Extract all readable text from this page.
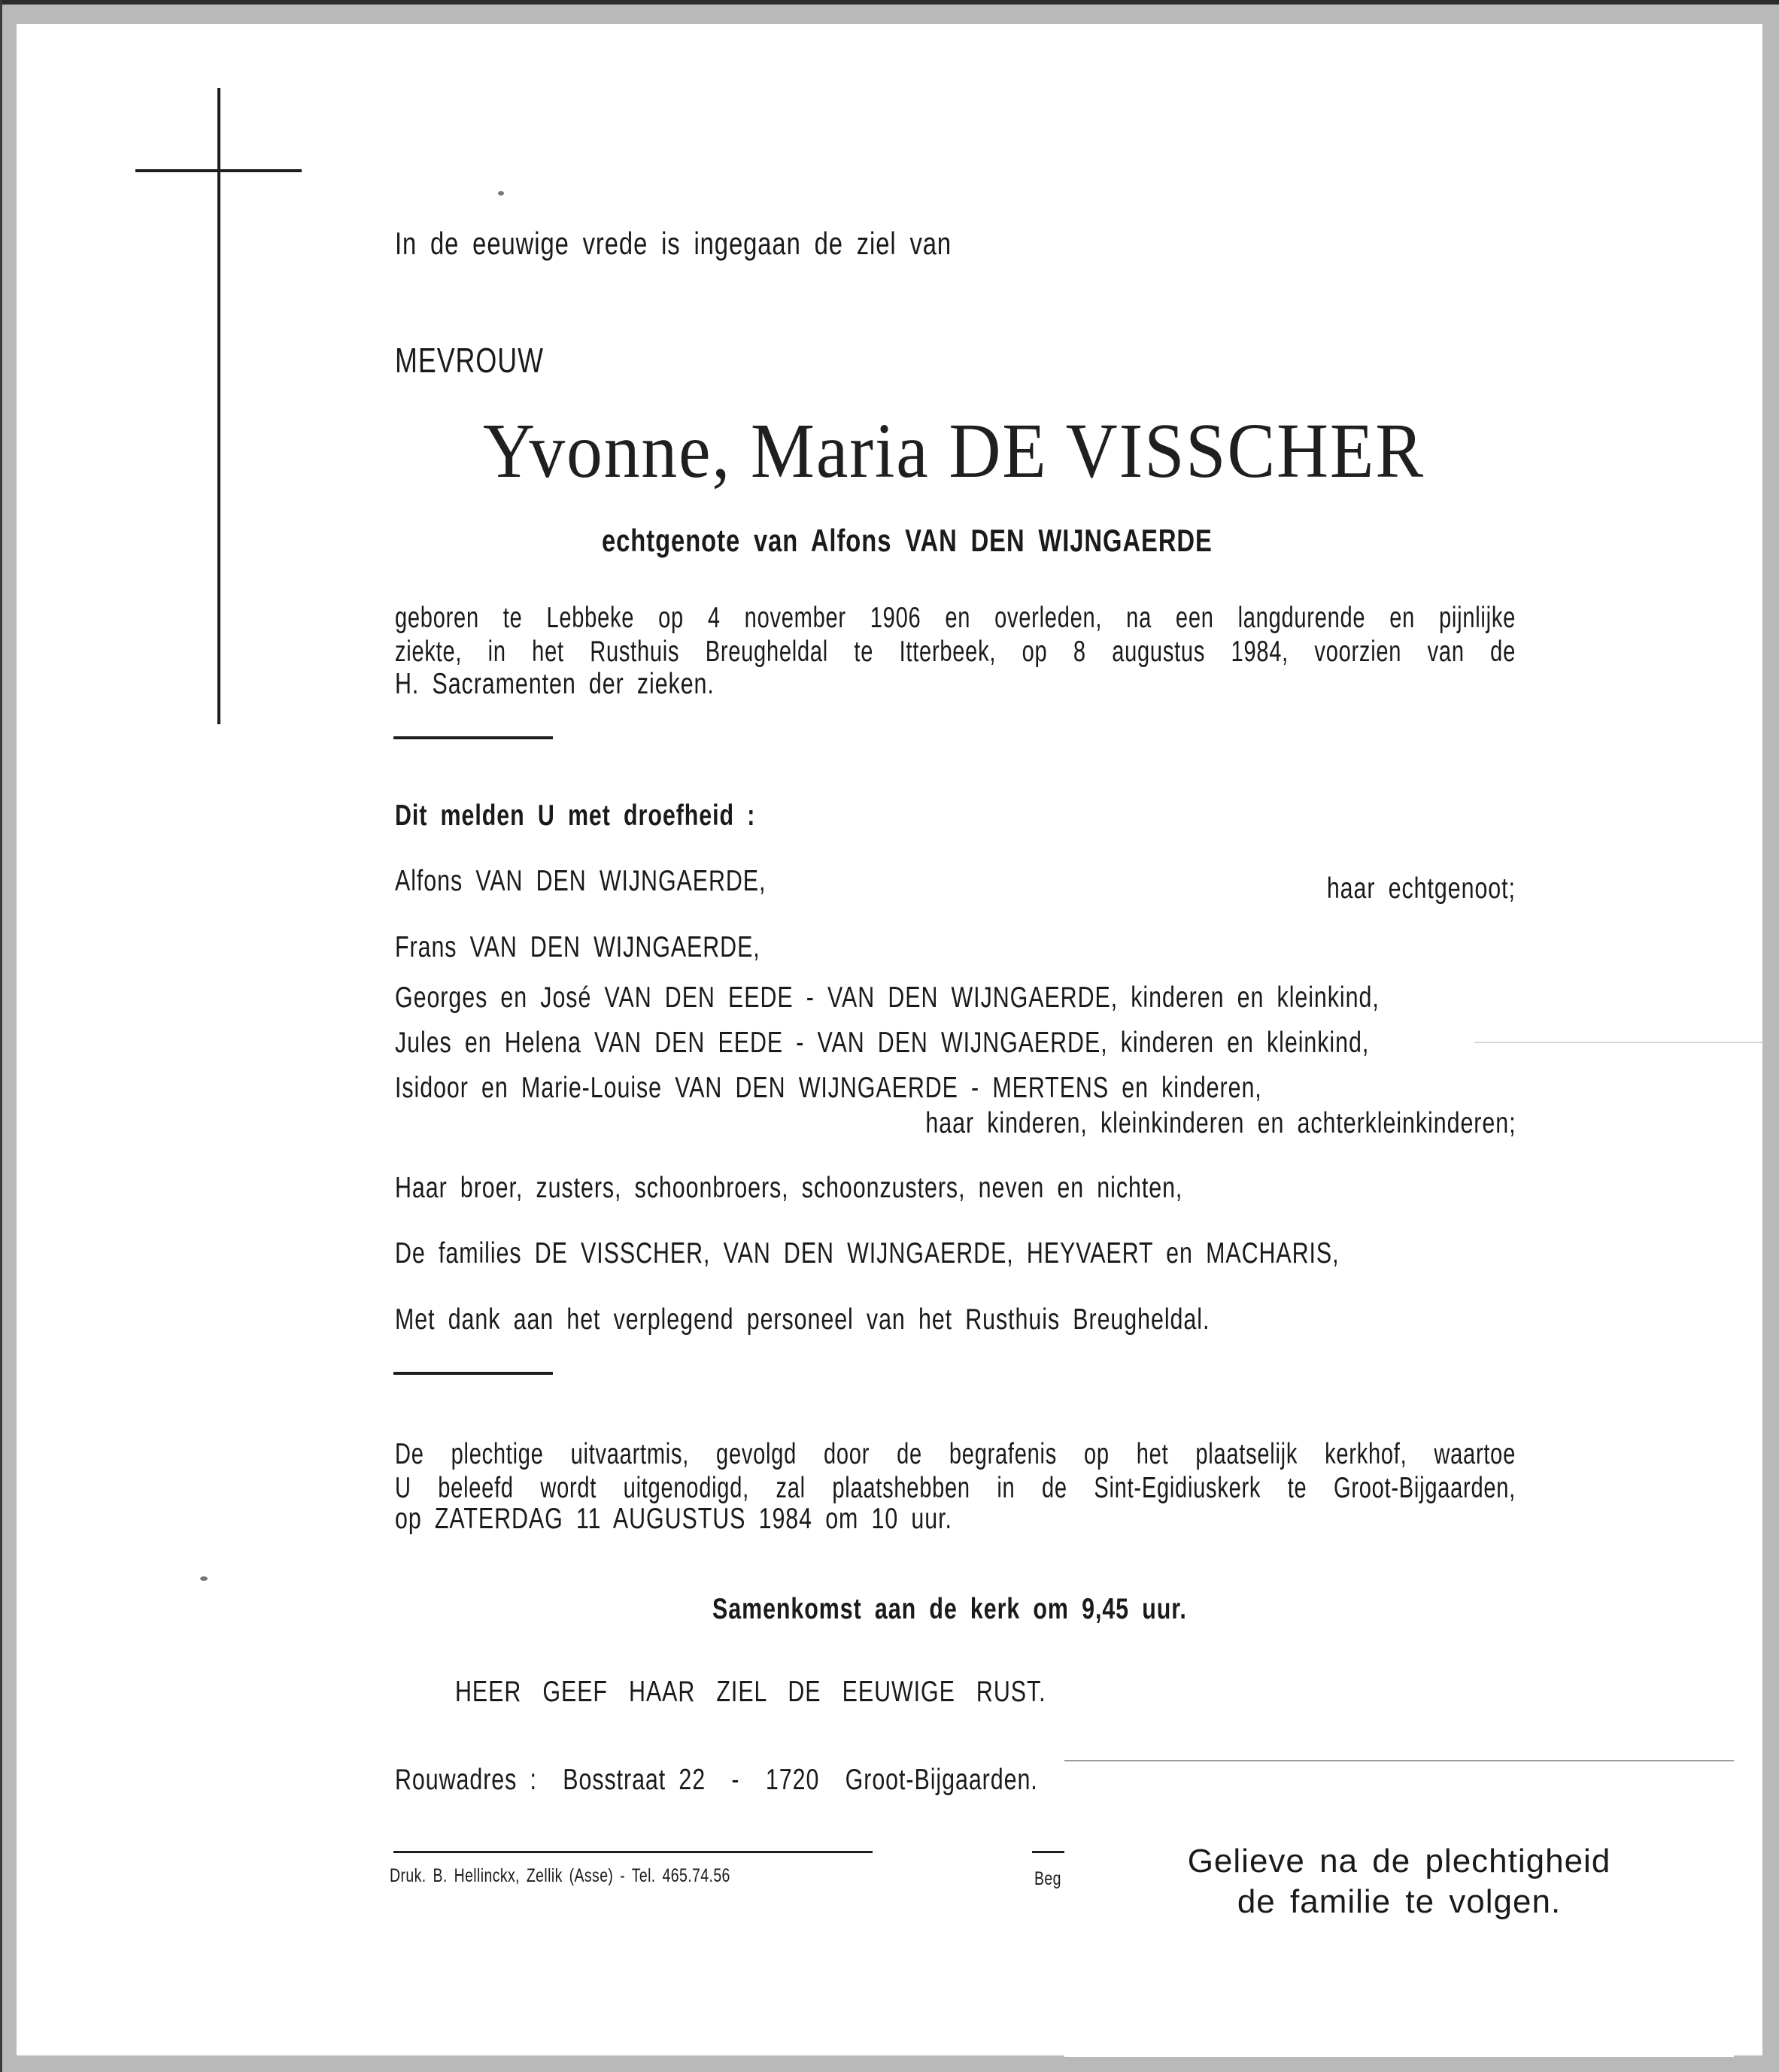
In de eeuwige vrede is ingegaan de ziel van
MEVROUW
Yvonne, Maria DE VISSCHER
echtgenote van Alfons VAN DEN WIJNGAERDE
geboren te Lebbeke op 4 november 1906 en overleden, na een langdurende en pijnlijke
ziekte, in het Rusthuis Breugheldal te Itterbeek, op 8 augustus 1984, voorzien van de
H. Sacramenten der zieken.
Dit melden U met droefheid :
Alfons VAN DEN WIJNGAERDE,	haar echtgenoot;
Frans VAN DEN WIJNGAERDE,
Georges en José VAN DEN EEDE - VAN DEN WIJNGAERDE, kinderen en kleinkind,
Jules en Helena VAN DEN EEDE - VAN DEN WIJNGAERDE, kinderen en kleinkind,
Isidoor en Marie-Louise VAN DEN WIJNGAERDE - MERTENS en kinderen,
haar kinderen, kleinkinderen en achterkleinkinderen;
Haar broer, zusters, schoonbroers, schoonzusters, neven en nichten,
De families DE VISSCHER, VAN DEN WIJNGAERDE, HEYVAERT en MACHARIS,
Met dank aan het verplegend personeel van het Rusthuis Breugheldal.
De plechtige uitvaartmis, gevolgd door de begrafenis op het plaatselijk kerkhof, waartoe
U beleefd wordt uitgenodigd, zal plaatshebben in de Sint-Egidiuskerk te Groot-Bijgaarden,
op ZATERDAG 11 AUGUSTUS 1984 om 10 uur.
Samenkomst aan de kerk om 9,45 uur.
HEER GEEF HAAR ZIEL DE EEUWIGE RUST.
Rouwadres :  Bosstraat 22  -  1720  Groot-Bijgaarden.
Druk. B. Hellinckx, Zellik (Asse) - Tel. 465.74.56	Beg	Gelieve na de plechtigheid
de familie te volgen.
